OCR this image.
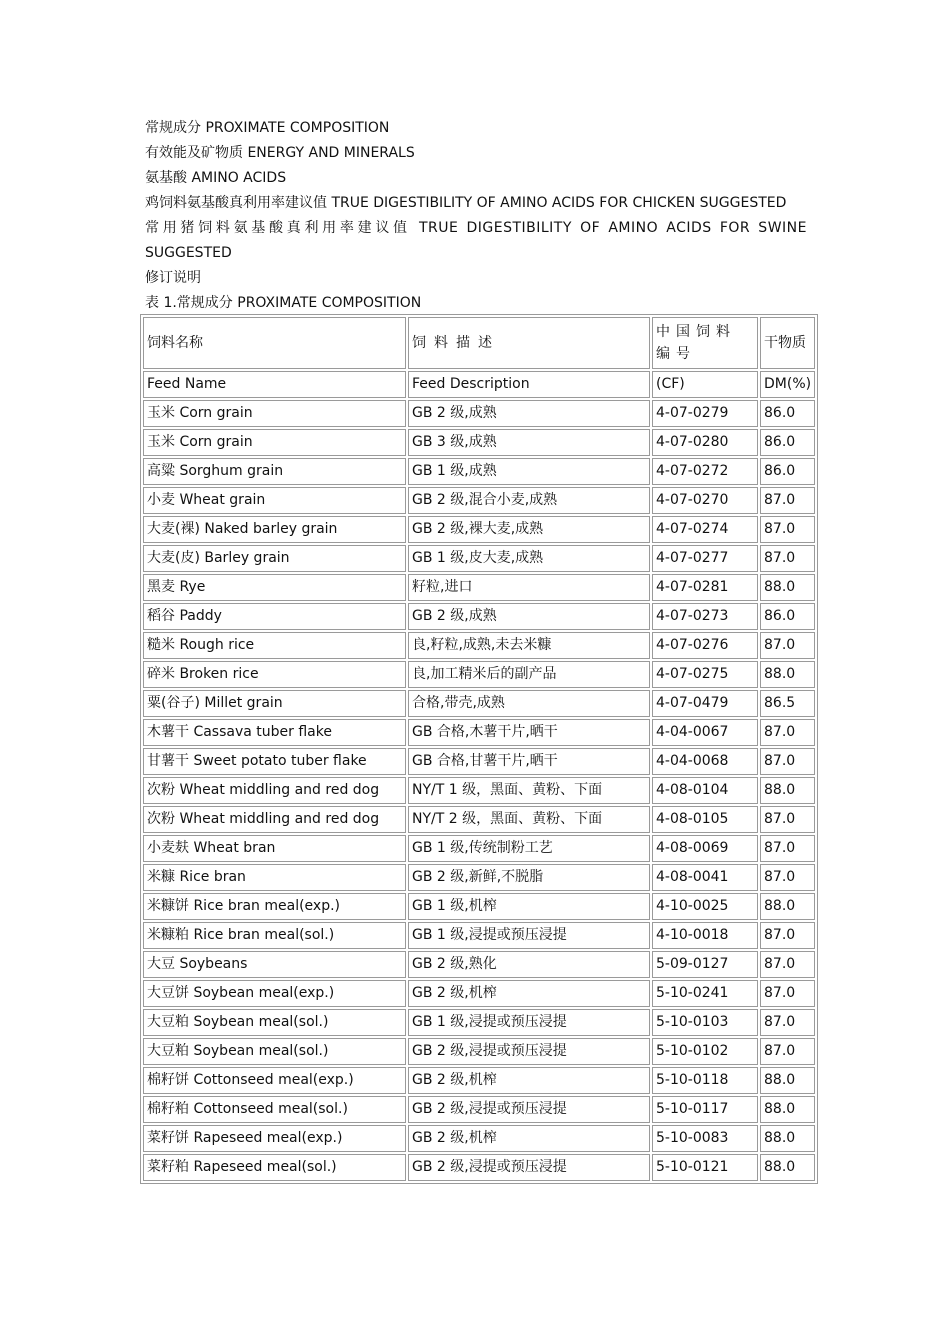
常规成分 PROXIMATE COMPOSITION
有效能及矿物质 ENERGY AND MINERALS
氨基酸 AMINO ACIDS
鸡饲料氨基酸真利用率建议值 TRUE DIGESTIBILITY OF AMINO ACIDS FOR CHICKEN SUGGESTED
常用猪饲料氨基酸真利用率建议值 TRUE DIGESTIBILITY OF AMINO ACIDS FOR SWINE
SUGGESTED
修订说明
表 1.常规成分 PROXIMATE COMPOSITION
饲料名称	饲料描述	中国饲料编号	干物质
Feed Name	Feed Description	(CF)	DM(%)
玉米 Corn grain	GB 2 级,成熟	4-07-0279	86.0
玉米 Corn grain	GB 3 级,成熟	4-07-0280	86.0
高粱 Sorghum grain	GB 1 级,成熟	4-07-0272	86.0
小麦 Wheat grain	GB 2 级,混合小麦,成熟	4-07-0270	87.0
大麦(裸) Naked barley grain	GB 2 级,裸大麦,成熟	4-07-0274	87.0
大麦(皮) Barley grain	GB 1 级,皮大麦,成熟	4-07-0277	87.0
黑麦 Rye	籽粒,进口	4-07-0281	88.0
稻谷 Paddy	GB 2 级,成熟	4-07-0273	86.0
糙米 Rough rice	良,籽粒,成熟,未去米糠	4-07-0276	87.0
碎米 Broken rice	良,加工精米后的副产品	4-07-0275	88.0
粟(谷子) Millet grain	合格,带壳,成熟	4-07-0479	86.5
木薯干 Cassava tuber flake	GB 合格,木薯干片,晒干	4-04-0067	87.0
甘薯干 Sweet potato tuber flake	GB 合格,甘薯干片,晒干	4-04-0068	87.0
次粉 Wheat middling and red dog	NY/T 1 级，黑面、黄粉、下面	4-08-0104	88.0
次粉 Wheat middling and red dog	NY/T 2 级，黑面、黄粉、下面	4-08-0105	87.0
小麦麸 Wheat bran	GB 1 级,传统制粉工艺	4-08-0069	87.0
米糠 Rice bran	GB 2 级,新鲜,不脱脂	4-08-0041	87.0
米糠饼 Rice bran meal(exp.)	GB 1 级,机榨	4-10-0025	88.0
米糠粕 Rice bran meal(sol.)	GB 1 级,浸提或预压浸提	4-10-0018	87.0
大豆 Soybeans	GB 2 级,熟化	5-09-0127	87.0
大豆饼 Soybean meal(exp.)	GB 2 级,机榨	5-10-0241	87.0
大豆粕 Soybean meal(sol.)	GB 1 级,浸提或预压浸提	5-10-0103	87.0
大豆粕 Soybean meal(sol.)	GB 2 级,浸提或预压浸提	5-10-0102	87.0
棉籽饼 Cottonseed meal(exp.)	GB 2 级,机榨	5-10-0118	88.0
棉籽粕 Cottonseed meal(sol.)	GB 2 级,浸提或预压浸提	5-10-0117	88.0
菜籽饼 Rapeseed meal(exp.)	GB 2 级,机榨	5-10-0083	88.0
菜籽粕 Rapeseed meal(sol.)	GB 2 级,浸提或预压浸提	5-10-0121	88.0
